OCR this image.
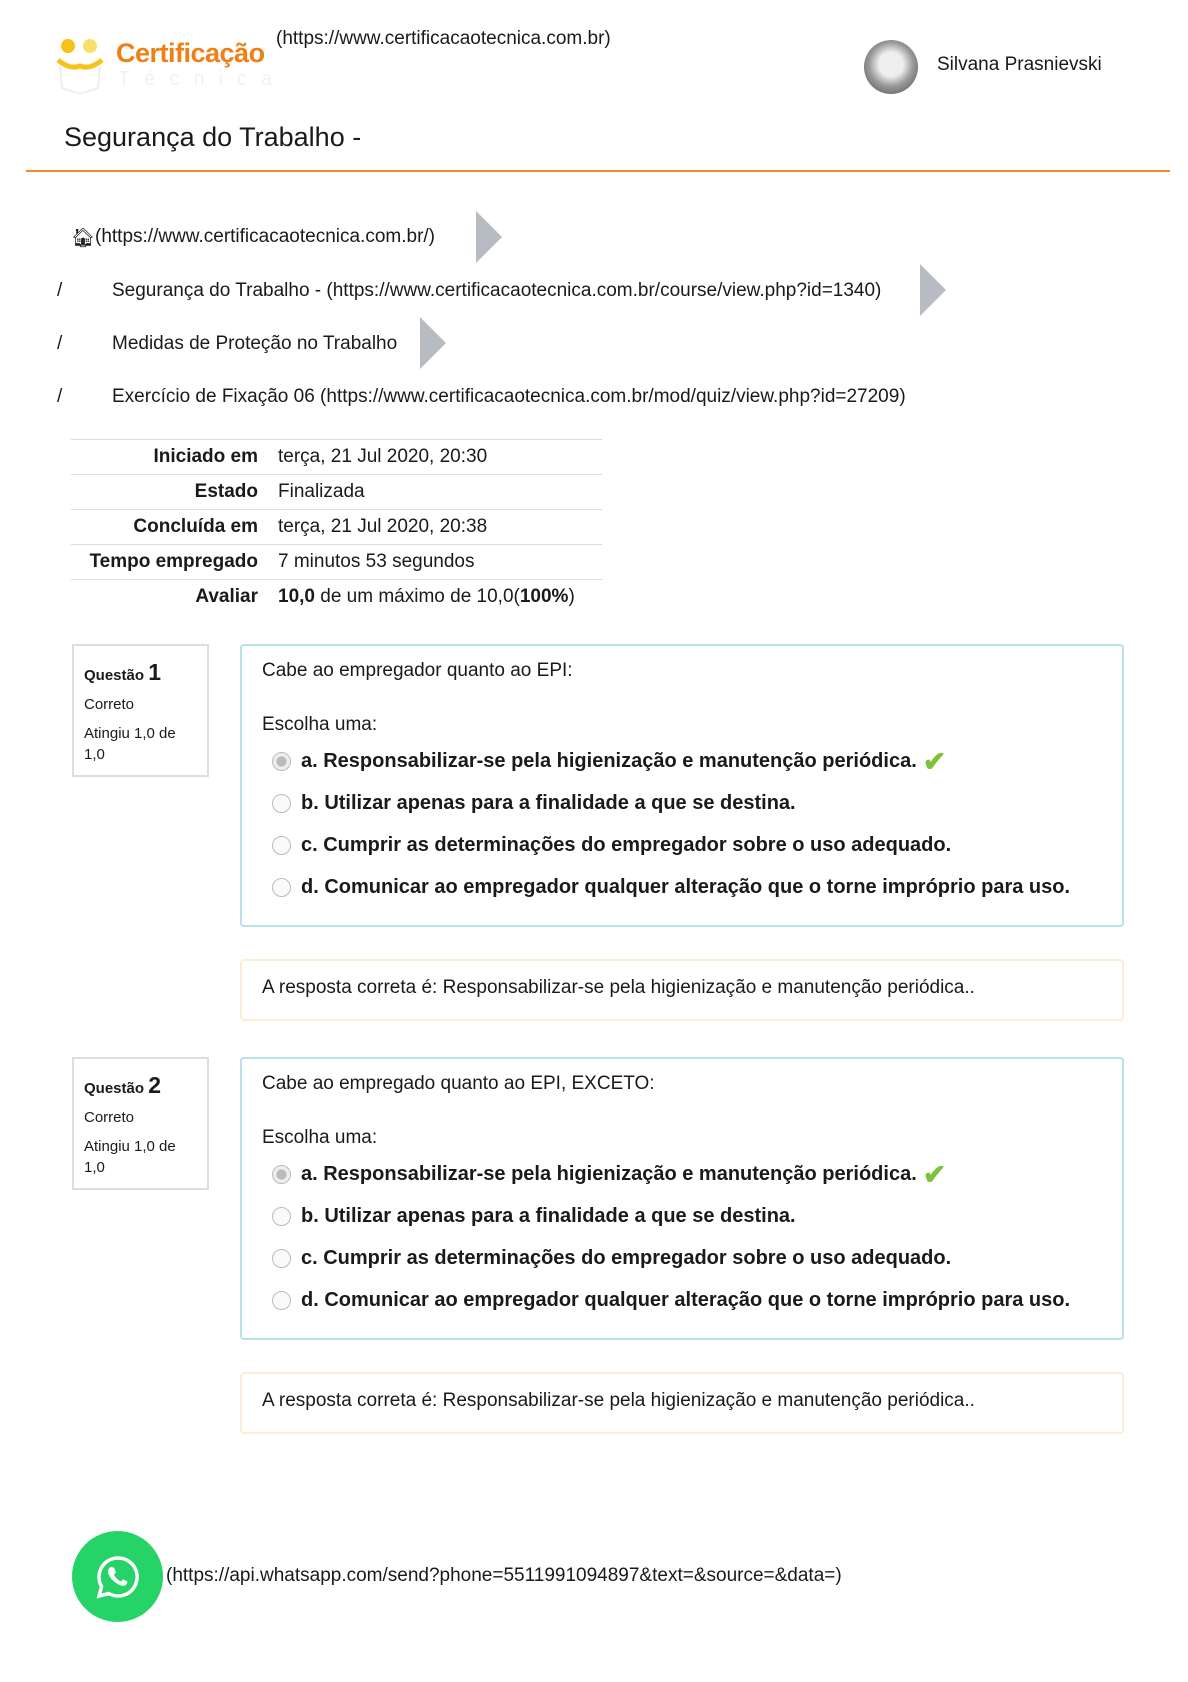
Certificação
Técnica
(https://www.certificacaotecnica.com.br)
Silvana Prasnievski
Segurança do Trabalho -
🏠︎ (https://www.certificacaotecnica.com.br/)
/	Segurança do Trabalho - (https://www.certificacaotecnica.com.br/course/view.php?id=1340)
/	Medidas de Proteção no Trabalho
/	Exercício de Fixação 06 (https://www.certificacaotecnica.com.br/mod/quiz/view.php?id=27209)
Iniciado em	terça, 21 Jul 2020, 20:30
Estado	Finalizada
Concluída em	terça, 21 Jul 2020, 20:38
Tempo empregado	7 minutos 53 segundos
Avaliar	10,0 de um máximo de 10,0(100%)
Questão 1
Correto
Atingiu 1,0 de 1,0
Cabe ao empregador quanto ao EPI:
Escolha uma:
a. Responsabilizar-se pela higienização e manutenção periódica. ✔
b. Utilizar apenas para a finalidade a que se destina.
c. Cumprir as determinações do empregador sobre o uso adequado.
d. Comunicar ao empregador qualquer alteração que o torne impróprio para uso.
A resposta correta é: Responsabilizar-se pela higienização e manutenção periódica..
Questão 2
Correto
Atingiu 1,0 de 1,0
Cabe ao empregado quanto ao EPI, EXCETO:
Escolha uma:
a. Responsabilizar-se pela higienização e manutenção periódica. ✔
b. Utilizar apenas para a finalidade a que se destina.
c. Cumprir as determinações do empregador sobre o uso adequado.
d. Comunicar ao empregador qualquer alteração que o torne impróprio para uso.
A resposta correta é: Responsabilizar-se pela higienização e manutenção periódica..
(https://api.whatsapp.com/send?phone=5511991094897&text=&source=&data=)
